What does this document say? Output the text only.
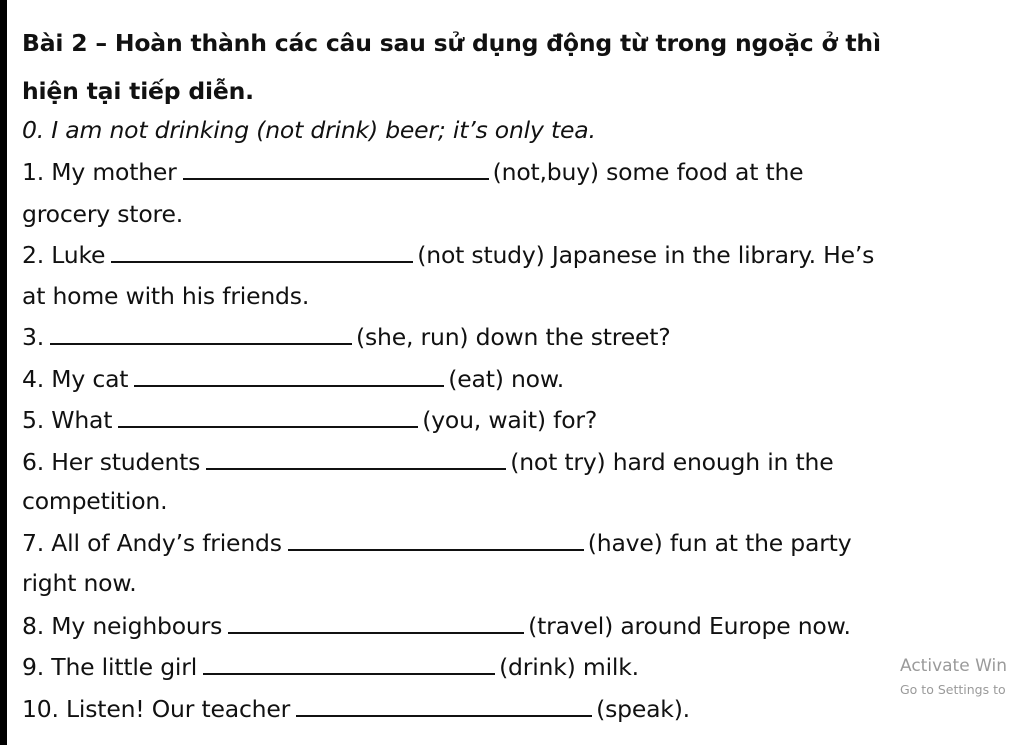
Bài 2 – Hoàn thành các câu sau sử dụng động từ trong ngoặc ở thì
hiện tại tiếp diễn.
0. I am not drinking (not drink) beer; it’s only tea.
1. My mother	(not,buy) some food at the
grocery store.
2. Luke	(not study) Japanese in the library. He’s
at home with his friends.
3.	(she, run) down the street?
4. My cat	(eat) now.
5. What	(you, wait) for?
6. Her students	(not try) hard enough in the
competition.
7. All of Andy’s friends	(have) fun at the party
right now.
8. My neighbours	(travel) around Europe now.
9. The little girl	(drink) milk.
10. Listen! Our teacher	(speak).
Activate Win
Go to Settings to
